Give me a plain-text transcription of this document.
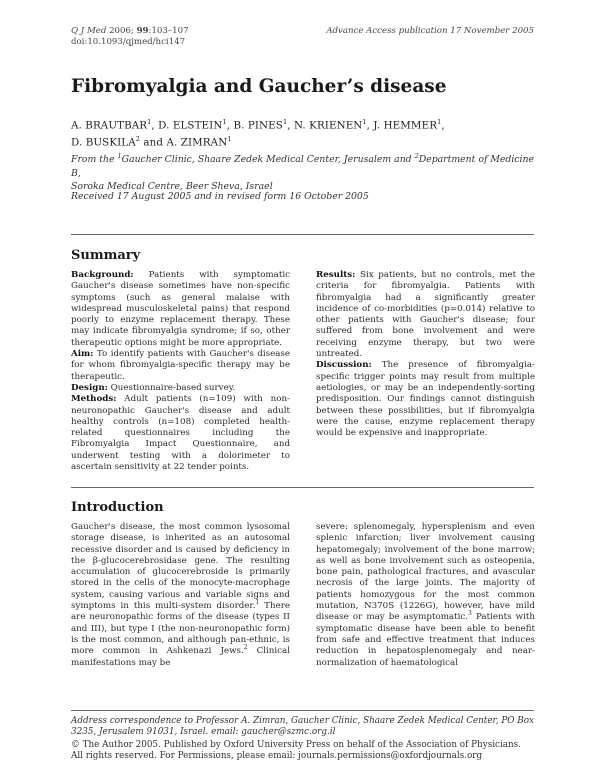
Q J Med 2006; 99:103–107
doi:10.1093/qjmed/hci147
Advance Access publication 17 November 2005
Fibromyalgia and Gaucher’s disease
A. BRAUTBAR$^1$, D. ELSTEIN$^1$, B. PINES$^1$, N. KRIENEN$^1$, J. HEMMER$^1$,
D. BUSKILA$^2$ and A. ZIMRAN$^1$
From the $^1$Gaucher Clinic, Shaare Zedek Medical Center, Jerusalem and $^2$Department of Medicine B,
Soroka Medical Centre, Beer Sheva, Israel
Received 17 August 2005 and in revised form 16 October 2005
Summary

Background: Patients with symptomatic Gaucher's disease sometimes have non-specific symptoms (such as general malaise with widespread musculoskeletal pains) that respond poorly to enzyme replacement therapy. These may indicate fibromyalgia syndrome; if so, other therapeutic options might be more appropriate.

Aim: To identify patients with Gaucher's disease for whom fibromyalgia-specific therapy may be therapeutic.

Design: Questionnaire-based survey.

Methods: Adult patients (n=109) with non-neuronopathic Gaucher's disease and adult healthy controls (n=108) completed health-related questionnaires including the Fibromyalgia Impact Questionnaire, and underwent testing with a dolorimeter to ascertain sensitivity at 22 tender points.

Results: Six patients, but no controls, met the criteria for fibromyalgia. Patients with fibromyalgia had a significantly greater incidence of co-morbidities (p=0.014) relative to other patients with Gaucher's disease; four suffered from bone involvement and were receiving enzyme therapy, but two were untreated.

Discussion: The presence of fibromyalgia-specific trigger points may result from multiple aetiologies, or may be an independently-sorting predisposition. Our findings cannot distinguish between these possibilities, but if fibromyalgia were the cause, enzyme replacement therapy would be expensive and inappropriate.

Introduction

Gaucher's disease, the most common lysosomal storage disease, is inherited as an autosomal recessive disorder and is caused by deficiency in the β-glucocerebrosidase gene. The resulting accumulation of glucocerebroside is primarily stored in the cells of the monocyte-macrophage system, causing various and variable signs and symptoms in this multi-system disorder.$^1$ There are neuronopathic forms of the disease (types II and III), but type I (the non-neuronopathic form) is the most common, and although pan-ethnic, is more common in Ashkenazi Jews.$^2$ Clinical manifestations may be

severe: splenomegaly, hypersplenism and even splenic infarction; liver involvement causing hepatomegaly; involvement of the bone marrow; as well as bone involvement such as osteopenia, bone pain, pathological fractures, and avascular necrosis of the large joints. The majority of patients homozygous for the most common mutation, N370S (1226G), however, have mild disease or may be asymptomatic.$^3$ Patients with symptomatic disease have been able to benefit from safe and effective treatment that induces reduction in hepatosplenomegaly and near-normalization of haematological

Address correspondence to Professor A. Zimran, Gaucher Clinic, Shaare Zedek Medical Center, PO Box 3235, Jerusalem 91031, Israel. email: gaucher@szmc.org.il
© The Author 2005. Published by Oxford University Press on behalf of the Association of Physicians.
All rights reserved. For Permissions, please email: journals.permissions@oxfordjournals.org
